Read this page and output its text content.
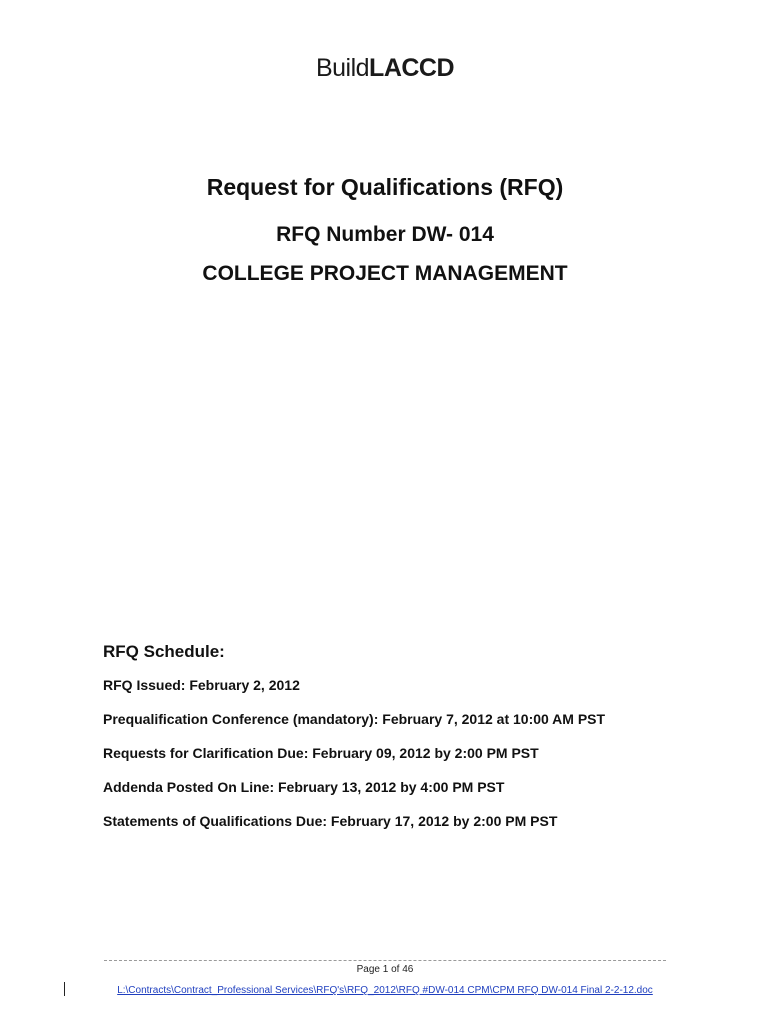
BuildLACCD
Request for Qualifications (RFQ)
RFQ Number DW- 014
COLLEGE PROJECT MANAGEMENT
RFQ Schedule:
RFQ Issued: February 2, 2012
Prequalification Conference (mandatory): February 7, 2012 at 10:00 AM PST
Requests for Clarification Due: February 09, 2012 by 2:00 PM PST
Addenda Posted On Line: February 13, 2012 by 4:00 PM PST
Statements of Qualifications Due: February 17, 2012 by 2:00 PM PST
Page 1 of 46
L:\Contracts\Contract_Professional Services\RFQ's\RFQ_2012\RFQ #DW-014 CPM\CPM RFQ DW-014 Final 2-2-12.doc
